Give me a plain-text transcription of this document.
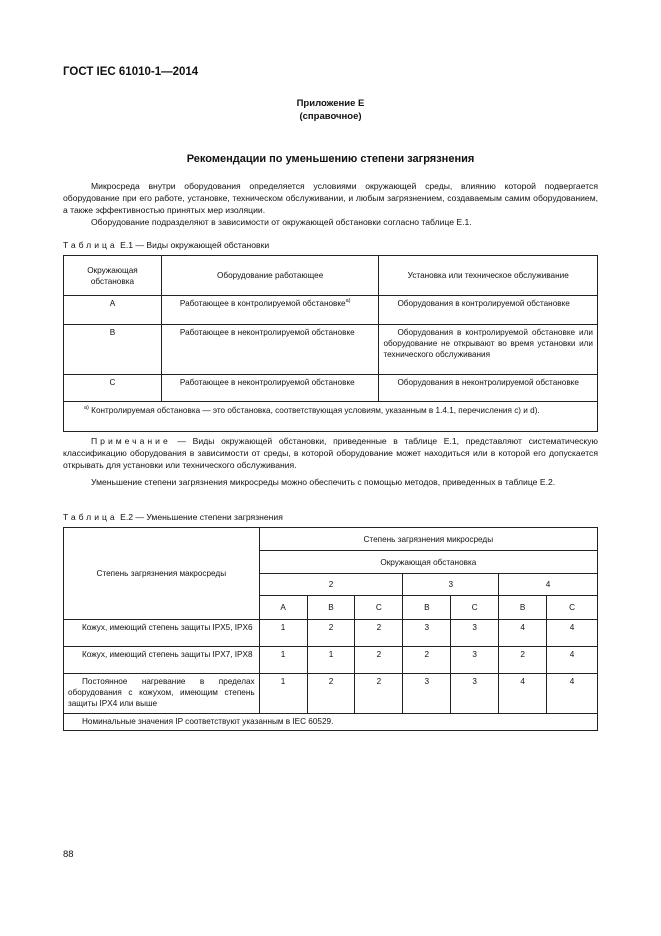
ГОСТ IEC 61010-1—2014
Приложение E
(справочное)
Рекомендации по уменьшению степени загрязнения
Микросреда внутри оборудования определяется условиями окружающей среды, влиянию которой подвергается оборудование при его работе, установке, техническом обслуживании, и любым загрязнением, создаваемым самим оборудованием, а также эффективностью принятых мер изоляции.
Оборудование подразделяют в зависимости от окружающей обстановки согласно таблице E.1.
Таблица E.1 — Виды окружающей обстановки
Окружающая обстановка	Оборудование работающее	Установка или техническое обслуживание
A	Работающее в контролируемой обстановке$^{a)}$	Оборудования в контролируемой обстановке
B	Работающее в неконтролируемой обстановке	Оборудования в контролируемой обстановке или оборудование не открывают во время установки или технического обслуживания
C	Работающее в неконтролируемой обстановке	Оборудования в неконтролируемой обстановке
$^{a)}$ Контролируемая обстановка — это обстановка, соответствующая условиям, указанным в 1.4.1, перечисления c) и d).		
Примечание — Виды окружающей обстановки, приведенные в таблице E.1, представляют систематическую классификацию оборудования в зависимости от среды, в которой оборудование может находиться или в которой его допускается открывать для установки или технического обслуживания.
Уменьшение степени загрязнения микросреды можно обеспечить с помощью методов, приведенных в таблице E.2.
Таблица E.2 — Уменьшение степени загрязнения
Степень загрязнения макросреды	Степень загрязнения микросреды						
	Окружающая обстановка						
	2			3		4	
	A	B	C	B	C	B	C
Кожух, имеющий степень защиты IPX5, IPX6	1	2	2	3	3	4	4
Кожух, имеющий степень защиты IPX7, IPX8	1	1	2	2	3	2	4
Постоянное нагревание в пределах оборудования с кожухом, имеющим степень защиты IPX4 или выше	1	2	2	3	3	4	4
Номинальные значения IP соответствуют указанным в IEC 60529.							
88
